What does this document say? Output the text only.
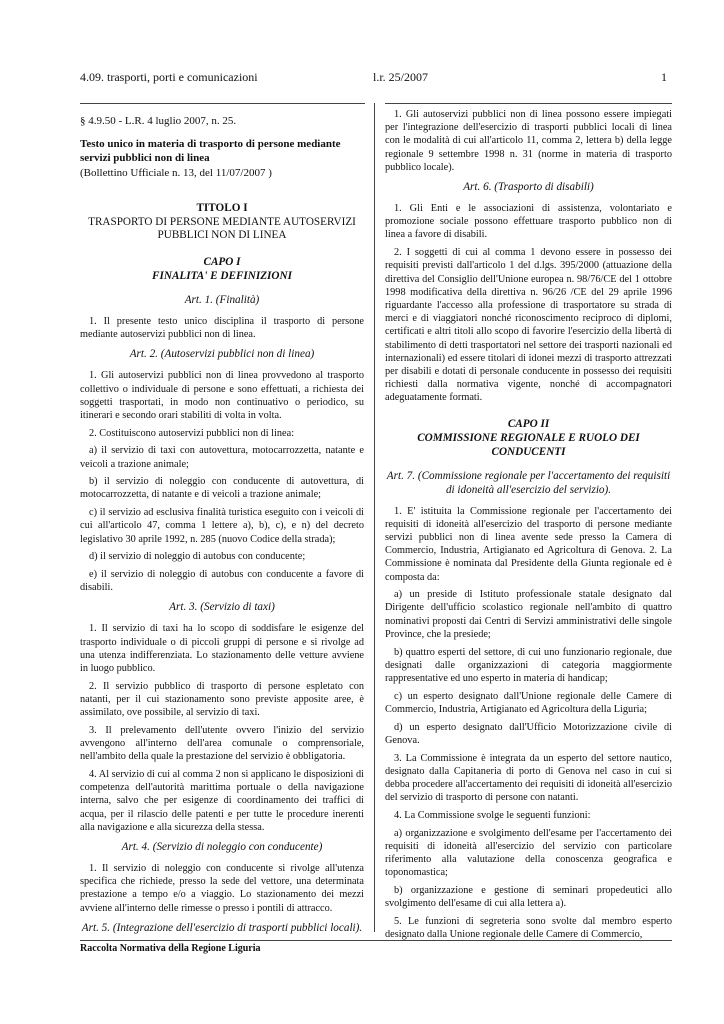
4.09. trasporti, porti e comunicazioni	l.r. 25/2007	1
§ 4.9.50 - L.R. 4 luglio 2007, n. 25.
Testo unico in materia di trasporto di persone mediante servizi pubblici non di linea
(Bollettino Ufficiale n. 13, del 11/07/2007 )
TITOLO I
TRASPORTO DI PERSONE MEDIANTE AUTOSERVIZI PUBBLICI NON DI LINEA
CAPO I
FINALITA' E DEFINIZIONI
Art. 1. (Finalità)

1. Il presente testo unico disciplina il trasporto di persone mediante autoservizi pubblici non di linea.

Art. 2. (Autoservizi pubblici non di linea)

1. Gli autoservizi pubblici non di linea provvedono al trasporto collettivo o individuale di persone e sono effettuati, a richiesta dei soggetti trasportati, in modo non continuativo o periodico, su itinerari e secondo orari stabiliti di volta in volta.

2. Costituiscono autoservizi pubblici non di linea:

a) il servizio di taxi con autovettura, motocarrozzetta, natante e veicoli a trazione animale;

b) il servizio di noleggio con conducente di autovettura, di motocarrozzetta, di natante e di veicoli a trazione animale;

c) il servizio ad esclusiva finalità turistica eseguito con i veicoli di cui all'articolo 47, comma 1 lettere a), b), c), e n) del decreto legislativo 30 aprile 1992, n. 285 (nuovo Codice della strada);

d) il servizio di noleggio di autobus con conducente;

e) il servizio di noleggio di autobus con conducente a favore di disabili.

Art. 3. (Servizio di taxi)

1. Il servizio di taxi ha lo scopo di soddisfare le esigenze del trasporto individuale o di piccoli gruppi di persone e si rivolge ad una utenza indifferenziata. Lo stazionamento delle vetture avviene in luogo pubblico.

2. Il servizio pubblico di trasporto di persone espletato con natanti, per il cui stazionamento sono previste apposite aree, è assimilato, ove possibile, al servizio di taxi.

3. Il prelevamento dell'utente ovvero l'inizio del servizio avvengono all'interno dell'area comunale o comprensoriale, nell'ambito della quale la prestazione del servizio è obbligatoria.

4. Al servizio di cui al comma 2 non si applicano le disposizioni di competenza dell'autorità marittima portuale o della navigazione interna, salvo che per esigenze di coordinamento dei traffici di acqua, per il rilascio delle patenti e per tutte le procedure inerenti alla navigazione e alla sicurezza della stessa.

Art. 4. (Servizio di noleggio con conducente)

1. Il servizio di noleggio con conducente si rivolge all'utenza specifica che richiede, presso la sede del vettore, una determinata prestazione a tempo e/o a viaggio. Lo stazionamento dei mezzi avviene all'interno delle rimesse o presso i pontili di attracco.

Art. 5. (Integrazione dell'esercizio di trasporti pubblici locali).

1. Gli autoservizi pubblici non di linea possono essere impiegati per l'integrazione dell'esercizio di trasporti pubblici locali di linea con le modalità di cui all'articolo 11, comma 2, lettera b) della legge regionale 9 settembre 1998 n. 31 (norme in materia di trasporto pubblico locale).

Art. 6. (Trasporto di disabili)

1. Gli Enti e le associazioni di assistenza, volontariato e promozione sociale possono effettuare trasporto pubblico non di linea a favore di disabili.

2. I soggetti di cui al comma 1 devono essere in possesso dei requisiti previsti dall'articolo 1 del d.lgs. 395/2000 (attuazione della direttiva del Consiglio dell'Unione europea n. 98/76/CE del 1 ottobre 1998 modificativa della direttiva n. 96/26 /CE del 29 aprile 1996 riguardante l'accesso alla professione di trasportatore su strada di merci e di viaggiatori nonché riconoscimento reciproco di diplomi, certificati e altri titoli allo scopo di favorire l'esercizio della libertà di stabilimento di detti trasportatori nel settore dei trasporti nazionali ed internazionali) ed essere titolari di idonei mezzi di trasporto attrezzati per disabili e dotati di personale conducente in possesso dei requisiti richiesti dalla normativa vigente, nonché di accompagnatori adeguatamente formati.

CAPO II
COMMISSIONE REGIONALE E RUOLO DEI CONDUCENTI
Art. 7. (Commissione regionale per l'accertamento dei requisiti di idoneità all'esercizio del servizio).

1. E' istituita la Commissione regionale per l'accertamento dei requisiti di idoneità all'esercizio del trasporto di persone mediante servizi pubblici non di linea avente sede presso la Camera di Commercio, Industria, Artigianato ed Agricoltura di Genova. 2. La Commissione è nominata dal Presidente della Giunta regionale ed è composta da:

a) un preside di Istituto professionale statale designato dal Dirigente dell'ufficio scolastico regionale nell'ambito di quattro nominativi proposti dai Centri di Servizi amministrativi delle singole Province, che la presiede;

b) quattro esperti del settore, di cui uno funzionario regionale, due designati dalle organizzazioni di categoria maggiormente rappresentative ed uno esperto in materia di handicap;

c) un esperto designato dall'Unione regionale delle Camere di Commercio, Industria, Artigianato ed Agricoltura della Liguria;

d) un esperto designato dall'Ufficio Motorizzazione civile di Genova.

3. La Commissione è integrata da un esperto del settore nautico, designato dalla Capitaneria di porto di Genova nel caso in cui si debba procedere all'accertamento dei requisiti di idoneità all'esercizio del servizio di trasporto di persone con natanti.

4. La Commissione svolge le seguenti funzioni:

a) organizzazione e svolgimento dell'esame per l'accertamento dei requisiti di idoneità all'esercizio del servizio con particolare riferimento alla valutazione della conoscenza geografica e toponomastica;

b) organizzazione e gestione di seminari propedeutici allo svolgimento dell'esame di cui alla lettera a).

5. Le funzioni di segreteria sono svolte dal membro esperto designato dalla Unione regionale delle Camere di Commercio,

Raccolta Normativa della Regione Liguria
